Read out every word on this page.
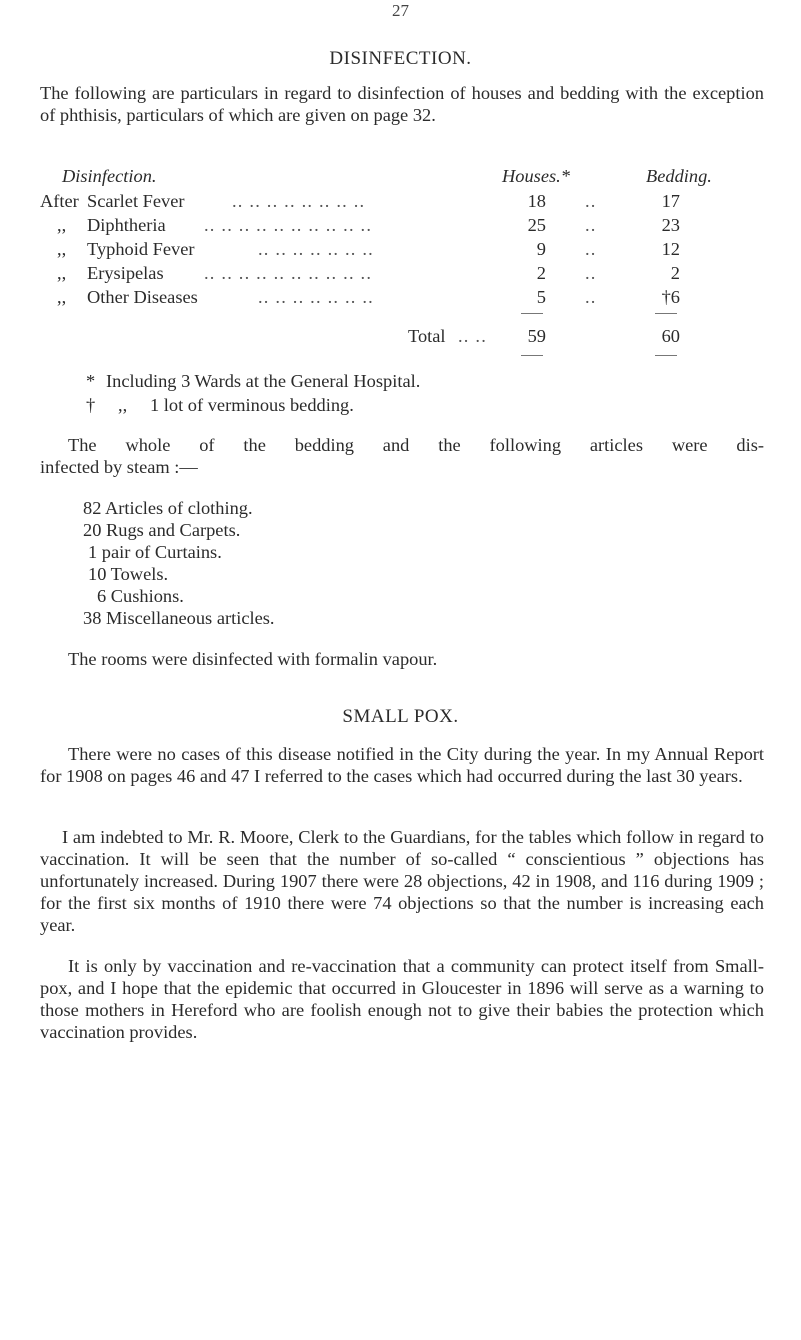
27
DISINFECTION.
The following are particulars in regard to disinfection of houses and bedding with the exception of phthisis, particulars of which are given on page 32.
Disinfection.	Houses.*	Bedding.
After Scarlet Fever	.. .. .. .. .. .. .. ..	18 ..	17
,, Diphtheria .. .. .. .. .. .. .. .. .. ..	25 ..	23
,, Typhoid Fever	.. .. .. .. .. .. ..	9 ..	12
,, Erysipelas .. .. .. .. .. .. .. .. .. ..	2 ..	2
,, Other Diseases	.. .. .. .. .. .. ..	5 ..	†6
Total .. ..	59	60
* Including 3 Wards at the General Hospital.
† ,, 1 lot of verminous bedding.
The whole of the bedding and the following articles were dis-
infected by steam :—
82 Articles of clothing.
20 Rugs and Carpets.
1 pair of Curtains.
10 Towels.
6 Cushions.
38 Miscellaneous articles.
The rooms were disinfected with formalin vapour.
SMALL POX.
There were no cases of this disease notified in the City during the year. In my Annual Report for 1908 on pages 46 and 47 I referred to the cases which had occurred during the last 30 years.
I am indebted to Mr. R. Moore, Clerk to the Guardians, for the tables which follow in regard to vaccination. It will be seen that the number of so-called “ conscientious ” objections has unfortunately increased. During 1907 there were 28 objections, 42 in 1908, and 116 during 1909 ; for the first six months of 1910 there were 74 objections so that the number is increasing each year.
It is only by vaccination and re-vaccination that a community can protect itself from Small-pox, and I hope that the epidemic that occurred in Gloucester in 1896 will serve as a warning to those mothers in Hereford who are foolish enough not to give their babies the protection which vaccination provides.
